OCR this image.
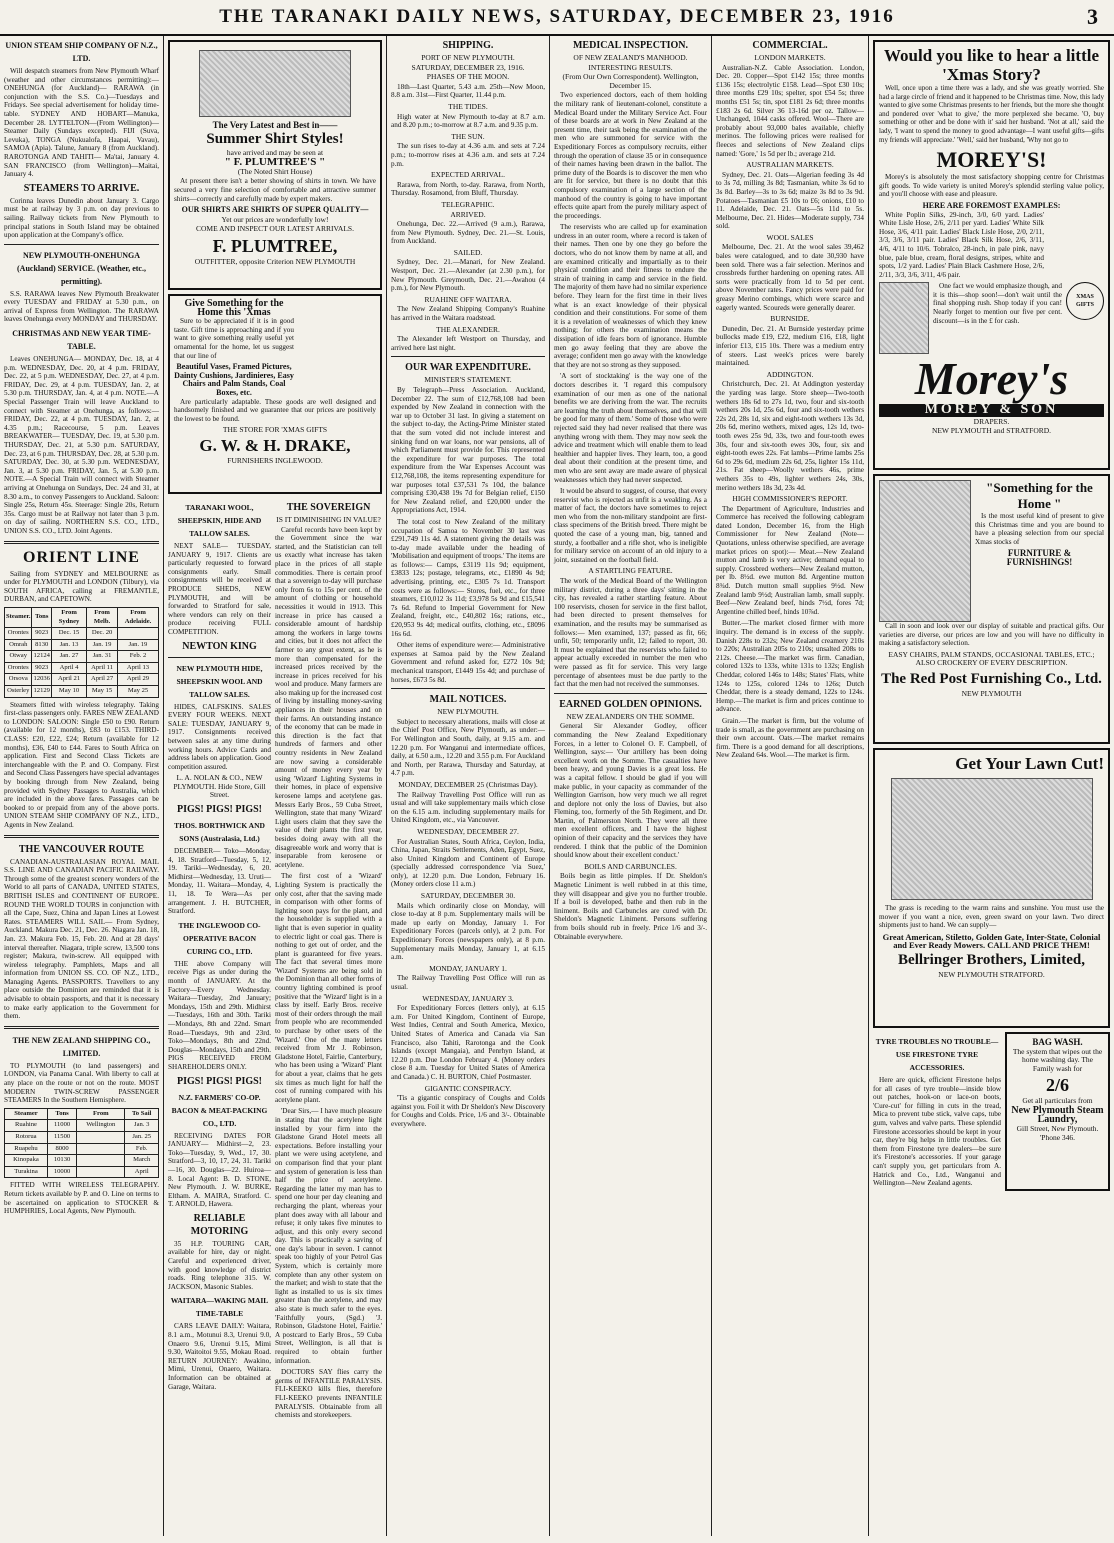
THE TARANAKI DAILY NEWS, SATURDAY, DECEMBER 23, 1916	3
UNION STEAM SHIP COMPANY OF N.Z., LTD.
Will despatch steamers from New Plymouth Wharf (weather and other circumstances permitting):— ONEHUNGA (for Auckland)— RARAWA (in conjunction with the S.S. Co.)—Tuesdays and Fridays. See special advertisement for holiday time-table. SYDNEY AND HOBART—Manuka, December 28. LYTTELTON—(From Wellington)— Steamer Daily (Sundays excepted). FIJI (Suva, Levuka), TONGA (Nukualofa, Haapai, Vavau), SAMOA (Apia). Talune, January 8 (from Auckland). RAROTONGA AND TAHITI— Ma'tai, January 4. SAN FRANCISCO (from Wellington)—Maitai, January 4.
STEAMERS TO ARRIVE.
Corinna leaves Dunedin about January 3. Cargo must be at railway by 3 p.m. on day previous to sailing. Railway tickets from New Plymouth to principal stations in South Island may be obtained upon application at the Company's office.
NEW PLYMOUTH-ONEHUNGA (Auckland) SERVICE. (Weather, etc., permitting).
S.S. RARAWA leaves New Plymouth Breakwater every TUESDAY and FRIDAY at 5.30 p.m., on arrival of Express from Wellington. The RARAWA leaves Onehunga every MONDAY and THURSDAY.
CHRISTMAS AND NEW YEAR TIME-TABLE.
Leaves ONEHUNGA— MONDAY, Dec. 18, at 4 p.m. WEDNESDAY, Dec. 20, at 4 p.m. FRIDAY, Dec. 22, at 5 p.m. WEDNESDAY, Dec. 27, at 4 p.m. FRIDAY, Dec. 29, at 4 p.m. TUESDAY, Jan. 2, at 5.30 p.m. THURSDAY, Jan. 4, at 4 p.m. NOTE.—A Special Passenger Train will leave Auckland to connect with Steamer at Onehunga, as follows:— FRIDAY, Dec. 22, at 4 p.m. TUESDAY, Jan. 2, at 4.35 p.m.; Racecourse, 5 p.m. Leaves BREAKWATER— TUESDAY, Dec. 19, at 5.30 p.m. THURSDAY, Dec. 21, at 5.30 p.m. SATURDAY, Dec. 23, at 6 p.m. THURSDAY, Dec. 28, at 5.30 p.m. SATURDAY, Dec. 30, at 5.30 p.m. WEDNESDAY, Jan. 3, at 5.30 p.m. FRIDAY, Jan. 5, at 5.30 p.m. NOTE.—A Special Train will connect with Steamer arriving at Onehunga on Sundays, Dec. 24 and 31, at 8.30 a.m., to convey Passengers to Auckland. Saloon: Single 25s, Return 45s. Steerage: Single 20s, Return 35s. Cargo must be at Railway not later than 3 p.m. on day of sailing. NORTHERN S.S. CO., LTD., UNION S.S. CO., LTD. Joint Agents.
ORIENT LINE
Sailing from SYDNEY and MELBOURNE as under for PLYMOUTH and LONDON (Tilbury), via SOUTH AFRICA, calling at FREMANTLE, DURBAN, and CAPETOWN.
Steamer.	Tons	From Sydney	From Melb.	From Adelaide.
Orontes	9023	Dec. 15	Dec. 20	
Omrah	8130	Jan. 13	Jan. 19	Jan. 19
Otway	12124	Jan. 27	Jan. 31	Feb. 2
Orontes	9023	April 4	April 11	April 13
Orsova	12036	April 21	April 27	April 29
Osterley	12129	May 10	May 15	May 25
Steamers fitted with wireless telegraphy. Taking first-class passengers only. FARES NEW ZEALAND to LONDON: SALOON: Single £50 to £90. Return (available for 12 months), £83 to £153. THIRD-CLASS: £20, £22, £24; Return (available for 12 months), £36, £40 to £44. Fares to South Africa on application. First and Second Class Tickets are interchangeable with the P. and O. Company. First and Second Class Passengers have special advantages by booking through from New Zealand, being provided with Sydney Passages to Australia, which are included in the above fares. Passages can be booked to or prepaid from any of the above ports. UNION STEAM SHIP COMPANY OF N.Z., LTD., Agents in New Zealand.
THE VANCOUVER ROUTE
CANADIAN-AUSTRALASIAN ROYAL MAIL S.S. LINE AND CANADIAN PACIFIC RAILWAY. Through some of the greatest scenery wonders of the World to all parts of CANADA, UNITED STATES, BRITISH ISLES and CONTINENT OF EUROPE. ROUND THE WORLD TOURS in conjunction with all the Cape, Suez, China and Japan Lines at Lowest Rates. STEAMERS WILL SAIL— From Sydney, Auckland. Makura Dec. 21, Dec. 26. Niagara Jan. 18, Jan. 23. Makura Feb. 15, Feb. 20. And at 28 days' interval thereafter. Niagara, triple screw, 13,500 tons register; Makura, twin-screw. All equipped with wireless telegraphy. Pamphlets, Maps and all information from UNION SS. CO. OF N.Z., LTD., Managing Agents. PASSPORTS. Travellers to any place outside the Dominion are reminded that it is advisable to obtain passports, and that it is necessary to make early application to the Government for them.
THE NEW ZEALAND SHIPPING CO., LIMITED.
TO PLYMOUTH (to land passengers) and LONDON, via Panama Canal. With liberty to call at any place on the route or not on the route. MOST MODERN TWIN-SCREW PASSENGER STEAMERS In the Southern Hemisphere.
Steamer	Tons	From	To Sail
Ruahine	11000	Wellington	Jan. 3
Rotorua	11500		Jan. 25
Ruapehu	8000		Feb.
Kinopaka	10130		March
Turakina	10000		April
FITTED WITH WIRELESS TELEGRAPHY. Return tickets available by P. and O. Line on terms to be ascertained on application to STOCKER & HUMPHRIES, Local Agents, New Plymouth.
The Very Latest and Best in——
Summer Shirt Styles!
have arrived and may be seen at
" F. PLUMTREE'S "
(The Noted Shirt House)
At present there isn't a better showing of shirts in town. We have secured a very fine selection of comfortable and attractive summer shirts—correctly and carefully made by expert makers.
OUR SHIRTS ARE SHIRTS OF SUPER QUALITY—
Yet our prices are wonderfully low!
COME AND INSPECT OUR LATEST ARRIVALS.
F. PLUMTREE,
OUTFITTER, opposite Criterion NEW PLYMOUTH
Give Something for the Home this 'Xmas
Sure to be appreciated if it is in good taste. Gift time is approaching and if you want to give something really useful yet ornamental for the home, let us suggest that our line of
Beautiful Vases, Framed Pictures, Dainty Cushions, Jardinieres, Easy Chairs and Palm Stands, Coal Boxes, etc.
Are particularly adaptable. These goods are well designed and handsomely finished and we guarantee that our prices are positively the lowest to be found.
THE STORE FOR 'XMAS GIFTS
G. W. & H. DRAKE,
FURNISHERS INGLEWOOD.
TARANAKI WOOL, SHEEPSKIN, HIDE AND TALLOW SALES.
NEXT SALE— TUESDAY, JANUARY 9, 1917. Clients are particularly requested to forward consignments early. Small consignments will be received at PRODUCE SHEDS, NEW PLYMOUTH, and will be forwarded to Stratford for sale, where vendors can rely on their produce receiving FULL COMPETITION.
NEWTON KING
NEW PLYMOUTH HIDE, SHEEPSKIN WOOL AND TALLOW SALES.
HIDES, CALFSKINS. SALES EVERY FOUR WEEKS. NEXT SALE: TUESDAY, JANUARY 9, 1917. Consignments received between sales at any time during working hours. Advice Cards and address labels on application. Good competition assured.
L. A. NOLAN & CO., NEW PLYMOUTH. Hide Store, Gill Street.
PIGS! PIGS! PIGS!
THOS. BORTHWICK AND SONS (Australasia, Ltd.)
DECEMBER— Toko—Monday, 4, 18. Stratford—Tuesday, 5, 12, 19. Tariki—Wednesday, 6, 20. Midhirst—Wednesday, 13. Uruti—Monday, 11. Waitara—Monday, 4, 11, 18. Te Wera—As per arrangement. J. H. BUTCHER, Stratford.
THE INGLEWOOD CO-OPERATIVE BACON CURING CO., LTD.
THE above Company will receive Pigs as under during the month of JANUARY. At the Factory—Every Wednesday. Waitara—Tuesday, 2nd January; Mondays, 15th and 29th. Midhirst—Tuesdays, 16th and 30th. Tariki—Mondays, 8th and 22nd. Smart Road—Tuesdays, 9th and 23rd. Toko—Mondays, 8th and 22nd. Douglas—Mondays, 15th and 29th. PIGS RECEIVED FROM SHAREHOLDERS ONLY.
PIGS! PIGS! PIGS!
N.Z. FARMERS' CO-OP. BACON & MEAT-PACKING CO., LTD.
RECEIVING DATES FOR JANUARY— Midhirst—2, 23. Toko—Tuesday, 9, Wed., 17, 30. Stratford—3, 10, 17, 24, 31. Tariki—16, 30. Douglas—22. Huiroa—8. Local Agent: B. D. STONE, New Plymouth. J. W. BURKE, Eltham. A. MAIRA, Stratford. C. T. ARNOLD, Hawera.
RELIABLE MOTORING
35 H.P. TOURING CAR, available for hire, day or night. Careful and experienced driver, with good knowledge of district roads. Ring telephone 315. W. JACKSON, Masonic Stables.
WAITARA—WAKING MAIL TIME-TABLE
CARS LEAVE DAILY: Waitara, 8.1 a.m., Motunui 8.3, Urenui 9.0, Onaero 9.6, Urenui 9.15, Mimi 9.30, Waitoitoi 9.55, Mokau Road. RETURN JOURNEY: Awakino, Mimi, Urenui, Onaero, Waitara. Information can be obtained at Garage, Waitara.
THE SOVEREIGN
IS IT DIMINISHING IN VALUE?
Careful records have been kept by the Government since the war started, and the Statistician can tell us exactly what increase has taken place in the prices of all staple commodities. There is certain proof that a sovereign to-day will purchase only from 6s to 15s per cent. of the amount of clothing or household necessities it would in 1913. This increase in price has caused a considerable amount of hardship among the workers in large towns and cities, but it does not affect the farmer to any great extent, as he is more than compensated for the increased prices received by the increase in prices received for his wool and produce. Many farmers are also making up for the increased cost of living by installing money-saving appliances in their houses and on their farms. An outstanding instance of the economy that can be made in this direction is the fact that hundreds of farmers and other country residents in New Zealand are now saving a considerable amount of money every year by using 'Wizard' Lighting Systems in their homes, in place of expensive kerosene lamps and acetylene gas. Messrs Early Bros., 59 Cuba Street, Wellington, state that many 'Wizard' Light users claim that they save the value of their plants the first year, besides doing away with all the disagreeable work and worry that is inseparable from kerosene or acetylene.
The first cost of a 'Wizard' Lighting System is practically the only cost, after that the saving made in comparison with other forms of lighting soon pays for the plant, and the householder is supplied with a light that is even superior in quality to electric light or coal gas. There is nothing to get out of order, and the plant is guaranteed for five years. The fact that several times more 'Wizard' Systems are being sold in the Dominion than all other forms of country lighting combined is proof positive that the 'Wizard' light is in a class by itself. Early Bros. receive most of their orders through the mail from people who are recommended to purchase by other users of the 'Wizard.' One of the many letters received from Mr J. Robinson, Gladstone Hotel, Fairlie, Canterbury, who has been using a 'Wizard' Plant for about a year, claims that he gets six times as much light for half the cost of running compared with his acetylene plant.
'Dear Sirs,— I have much pleasure in stating that the acetylene light installed by your firm into the Gladstone Grand Hotel meets all expectations. Before installing your plant we were using acetylene, and on comparison find that your plant and system of generation is less than half the price of acetylene. Regarding the latter my man has to spend one hour per day cleaning and recharging the plant, whereas your plant does away with all labour and refuse; it only takes five minutes to adjust, and this only every second day. This is practically a saving of one day's labour in seven. I cannot speak too highly of your Petrol Gas System, which is certainly more complete than any other system on the market; and wish to state that the light as installed to us is six times greater than the acetylene, and may also state is much safer to the eyes. 'Faithfully yours, (Sgd.) 'J. Robinson, Gladstone Hotel, Fairlie.' A postcard to Early Bros., 59 Cuba Street, Wellington, is all that is required to obtain further information.
DOCTORS SAY flies carry the germs of INFANTILE PARALYSIS. FLI-KEEKO kills flies, therefore FLI-KEEKO prevents INFANTILE PARALYSIS. Obtainable from all chemists and storekeepers.
SHIPPING.
PORT OF NEW PLYMOUTH.
SATURDAY, DECEMBER 23, 1916.
PHASES OF THE MOON.
18th—Last Quarter, 5.43 a.m. 25th—New Moon, 8.8 a.m. 31st—First Quarter, 11.44 p.m.
THE TIDES.
High water at New Plymouth to-day at 8.7 a.m. and 8.20 p.m.; to-morrow at 8.7 a.m. and 9.35 p.m.
THE SUN.
The sun rises to-day at 4.36 a.m. and sets at 7.24 p.m.; to-morrow rises at 4.36 a.m. and sets at 7.24 p.m.
EXPECTED ARRIVAL.
Rarawa, from North, to-day. Rarawa, from North, Thursday. Rosamond, from Bluff, Thursday.
TELEGRAPHIC.
ARRIVED.
Onehunga, Dec. 22.—Arrived (9 a.m.), Rarawa, from New Plymouth. Sydney, Dec. 21.—St. Louis, from Auckland.
SAILED.
Sydney, Dec. 21.—Manari, for New Zealand. Westport, Dec. 21.—Alexander (at 2.30 p.m.), for New Plymouth. Greymouth, Dec. 21.—Awahou (4 p.m.), for New Plymouth.
RUAHINE OFF WAITARA.
The New Zealand Shipping Company's Ruahine has arrived in the Waitara roadstead.
THE ALEXANDER.
The Alexander left Westport on Thursday, and arrived here last night.
OUR WAR EXPENDITURE.
MINISTER'S STATEMENT.
By Telegraph—Press Association. Auckland, December 22. The sum of £12,768,108 had been expended by New Zealand in connection with the war up to October 31 last. In giving a statement on the subject to-day, the Acting-Prime Minister stated that the sum voted did not include interest and sinking fund on war loans, nor war pensions, all of which Parliament must provide for. This represented the expenditure for war purposes. The total expenditure from the War Expenses Account was £12,768,108, the items representing expenditure for war purposes total £37,531 7s 10d, the balance comprising £30,438 19s 7d for Belgian relief, £150 for New Zealand relief, and £20,000 under the Appropriations Act, 1914.
The total cost to New Zealand of the military occupation of Samoa to November 30 last was £291,749 11s 4d. A statement giving the details was to-day made available under the heading of 'Mobilisation and equipment of troops.' The items are as follows:— Camps, £3119 11s 9d; equipment, £3833 12s; postage, telegrams, etc., £1890 4s 9d; advertising, printing, etc., £305 7s 1d. Transport costs were as follows:— Stores, fuel, etc., for three steamers, £10,012 3s 11d; £3,978 5s 9d and £15,541 7s 6d. Refund to Imperial Government for New Zealand, freight, etc., £40,802 16s; rations, etc., £20,953 9s 4d; medical outfits, clothing, etc., £8096 16s 6d.
Other items of expenditure were:— Administrative expenses at Samoa paid by the New Zealand Government and refund asked for, £272 10s 9d; mechanical transport, £1449 15s 4d; and purchase of horses, £673 5s 8d.
MAIL NOTICES.
NEW PLYMOUTH.
Subject to necessary alterations, mails will close at the Chief Post Office, New Plymouth, as under:— For Wellington and South, daily, at 9.15 a.m. and 12.20 p.m. For Wanganui and intermediate offices, daily, at 6.50 a.m., 12.20 and 3.55 p.m. For Auckland and North, per Rarawa, Thursday and Saturday, at 4.7 p.m.
MONDAY, DECEMBER 25 (Christmas Day).
The Railway Travelling Post Office will run as usual and will take supplementary mails which close on the 6.15 a.m. including supplementary mails for United Kingdom, etc., via Vancouver.
WEDNESDAY, DECEMBER 27.
For Australian States, South Africa, Ceylon, India, China, Japan, Straits Settlements, Aden, Egypt, Suez, also United Kingdom and Continent of Europe (specially addressed correspondence 'via Suez,' only), at 12.20 p.m. Due London, February 16. (Money orders close 11 a.m.)
SATURDAY, DECEMBER 30.
Mails which ordinarily close on Monday, will close to-day at 8 p.m. Supplementary mails will be made up early on Monday, January 1. For Expeditionary Forces (parcels only), at 2 p.m. For Expeditionary Forces (newspapers only), at 8 p.m. Supplementary mails Monday, January 1, at 6.15 a.m.
MONDAY, JANUARY 1.
The Railway Travelling Post Office will run as usual.
WEDNESDAY, JANUARY 3.
For Expeditionary Forces (letters only), at 6.15 a.m. For United Kingdom, Continent of Europe, West Indies, Central and South America, Mexico, United States of America and Canada via San Francisco, also Tahiti, Rarotonga and the Cook Islands (except Mangaia), and Penrhyn Island, at 12.20 p.m. Due London February 4. (Money orders close 8 a.m. Tuesday for United States of America and Canada.) C. H. BURTON, Chief Postmaster.
GIGANTIC CONSPIRACY.
'Tis a gigantic conspiracy of Coughs and Colds against you. Foil it with Dr Sheldon's New Discovery for Coughs and Colds. Price, 1/6 and 3/-. Obtainable everywhere.
MEDICAL INSPECTION.
OF NEW ZEALAND'S MANHOOD.
INTERESTING RESULTS.
(From Our Own Correspondent). Wellington, December 15.
Two experienced doctors, each of them holding the military rank of lieutenant-colonel, constitute a Medical Board under the Military Service Act. Four of these boards are at work in New Zealand at the present time, their task being the examination of the men who are summoned for service with the Expeditionary Forces as compulsory recruits, either through the operation of clause 35 or in consequence of their names having been drawn in the ballot. The prime duty of the Boards is to discover the men who are fit for service, but there is no doubt that this compulsory examination of a large section of the manhood of the country is going to have important effects quite apart from the purely military aspect of the proceedings.
The reservists who are called up for examination undress in an outer room, where a record is taken of their names. Then one by one they go before the doctors, who do not know them by name at all, and are examined critically and impartially as to their physical condition and their fitness to endure the strain of training in camp and service in the field. The majority of them have had no similar experience before. They learn for the first time in their lives what is an exact knowledge of their physical condition and their constitutions. For some of them it is a revelation of weaknesses of which they knew nothing; for others the examination means the dissipation of idle fears born of ignorance. Humble men go away feeling that they are above the average; confident men go away with the knowledge that they are not so strong as they supposed.
'A sort of stocktaking' is the way one of the doctors describes it. 'I regard this compulsory examination of our men as one of the national benefits we are deriving from the war. The recruits are learning the truth about themselves, and that will be good for many of them.' Some of those who were rejected said they had never realised that there was anything wrong with them. They may now seek the advice and treatment which will enable them to lead healthier and happier lives. They learn, too, a good deal about their condition at the present time, and men who are sent away are made aware of physical weaknesses which they had never suspected.
It would be absurd to suggest, of course, that every reservist who is rejected as unfit is a weakling. As a matter of fact, the doctors have sometimes to reject men who from the non-military standpoint are first-class specimens of the British breed. There might be quoted the case of a young man, big, tanned and sturdy, a footballer and a rifle shot, who is ineligible for military service on account of an old injury to a joint, sustained on the football field.
A STARTLING FEATURE.
The work of the Medical Board of the Wellington military district, during a three days' sitting in the city, has revealed a rather startling feature. About 100 reservists, chosen for service in the first ballot, had been directed to present themselves for examination, and the results may be summarised as follows:— Men examined, 137; passed as fit, 66; unfit, 50; temporarily unfit, 12; failed to report, 30. It must be explained that the reservists who failed to appear actually exceeded in number the men who were passed as fit for service. This very large percentage of absentees must be due partly to the fact that the men had not received the summonses.
EARNED GOLDEN OPINIONS.
NEW ZEALANDERS ON THE SOMME.
General Sir Alexander Godley, officer commanding the New Zealand Expeditionary Forces, in a letter to Colonel O. F. Campbell, of Wellington, says:— 'Our artillery has been doing excellent work on the Somme. The casualties have been heavy, and young Davies is a great loss. He was a capital fellow. I should be glad if you will make public, in your capacity as commander of the Wellington Garrison, how very much we all regret and deplore not only the loss of Davies, but also Fleming, too, formerly of the 5th Regiment, and Dr. Martin, of Palmerston North. They were all three men excellent officers, and I have the highest opinion of their capacity and the services they have rendered. I think that the public of the Dominion should know about their excellent conduct.'
BOILS AND CARBUNCLES.
Boils begin as little pimples. If Dr. Sheldon's Magnetic Liniment is well rubbed in at this time, they will disappear and give you no further trouble. If a boil is developed, bathe and then rub in the liniment. Boils and Carbuncles are cured with Dr. Sheldon's Magnetic Liniment. Persons suffering from boils should rub in freely. Price 1/6 and 3/-. Obtainable everywhere.
COMMERCIAL.
LONDON MARKETS.
Australian-N.Z. Cable Association. London, Dec. 20. Copper—Spot £142 15s; three months £136 15s; electrolytic £158. Lead—Spot £30 10s; three months £29 10s; spelter, spot £54 5s; three months £51 5s; tin, spot £181 2s 6d; three months £183 2s 6d. Silver 36 13-16d per oz. Tallow—Unchanged, 1044 casks offered. Wool—There are probably about 93,000 bales available, chiefly merinos. The following prices were realised for fleeces and selections of New Zealand clips named: 'Gore,' 1s 5d per lb.; average 21d.
AUSTRALIAN MARKETS.
Sydney, Dec. 21. Oats—Algerian feeding 3s 4d to 3s 7d, milling 3s 8d; Tasmanian, white 3s 6d to 3s 8d. Barley—3s to 3s 6d; maize 3s 8d to 3s 9d. Potatoes—Tasmanian £5 10s to £6; onions, £10 to 11. Adelaide, Dec. 21. Oats—5s 11d to 5s. Melbourne, Dec. 21. Hides—Moderate supply, 734 sold.
WOOL SALES
Melbourne, Dec. 21. At the wool sales 39,462 bales were catalogued, and to date 30,930 have been sold. There was a fair selection. Merinos and crossbreds further hardening on opening rates. All sorts were practically from 1d to 5d per cent. above November rates. Fancy prices were paid for greasy Merino combings, which were scarce and eagerly wanted. Scoureds were generally dearer.
BURNSIDE.
Dunedin, Dec. 21. At Burnside yesterday prime bullocks made £19, £22, medium £16, £18, light inferior £13, £15 10s. There was a medium entry of steers. Last week's prices were barely maintained.
ADDINGTON.
Christchurch, Dec. 21. At Addington yesterday the yarding was large. Store sheep—Two-tooth wethers 18s 6d to 27s 1d, two, four and six-tooth wethers 20s 1d, 25s 6d, four and six-tooth wethers 22s 2d, 28s 1d, six and eight-tooth wethers 13s 3d, 20s 6d, merino wethers, mixed ages, 12s 1d, two-tooth ewes 25s 9d, 33s, two and four-tooth ewes 30s, four and six-tooth ewes 30s, four, six and eight-tooth ewes 22s. Fat lambs—Prime lambs 25s 6d to 29s 6d, medium 22s 6d, 25s, lighter 15s 11d, 21s. Fat sheep—Woolly wethers 46s, prime wethers 35s to 49s, lighter wethers 24s, 30s, merino wethers 18s 3d, 23s 4d.
HIGH COMMISSIONER'S REPORT.
The Department of Agriculture, Industries and Commerce has received the following cablegram dated London, December 16, from the High Commissioner for New Zealand (Note—Quotations, unless otherwise specified, are average market prices on spot):— Meat.—New Zealand mutton and lamb is very active; demand equal to supply. Crossbred wethers—New Zealand mutton, per lb. 8½d. ewe mutton 8d. Argentine mutton 8¾d. Dutch mutton small supplies 9½d. New Zealand lamb 9½d; Australian lamb, small supply. Beef—New Zealand beef, hinds 7½d, fores 7d; Argentine chilled beef, hinds 10⅞d.
Butter.—The market closed firmer with more inquiry. The demand is in excess of the supply. Danish 228s to 232s; New Zealand creamery 210s to 220s; Australian 205s to 210s; unsalted 208s to 212s. Cheese.—The market was firm. Canadian, colored 132s to 133s, white 131s to 132s; English Cheddar, colored 146s to 148s; States' Flats, white 124s to 125s, colored 124s to 126s; Dutch Cheddar, there is a steady demand, 122s to 124s. Hemp.—The market is firm and prices continue to advance.
Grain.—The market is firm, but the volume of trade is small, as the government are purchasing on their own account. Oats.—The market remains firm. There is a good demand for all descriptions, New Zealand 64s. Wool.—The market is firm.
Would you like to hear a little 'Xmas Story?
Well, once upon a time there was a lady, and she was greatly worried. She had a large circle of friend and it happened to be Christmas time. Now, this lady wanted to give some Christmas presents to her friends, but the more she thought and pondered over 'what to give,' the more perplexed she became. 'O, buy something or other and be done with it' said her husband. 'Not at all,' said the lady, 'I want to spend the money to good advantage—I want useful gifts—gifts my friends will appreciate.' 'Well,' said her husband, 'Why not go to
MOREY'S!
Morey's is absolutely the most satisfactory shopping centre for Christmas gift goods. To wide variety is united Morey's splendid sterling value policy, and you'll choose with ease and pleasure.
HERE ARE FOREMOST EXAMPLES:
White Poplin Silks, 29-inch, 3/0, 6/0 yard. Ladies' White Lisle Hose, 2/6, 2/11 per yard. Ladies' White Silk Hose, 3/6, 4/11 pair. Ladies' Black Lisle Hose, 2/0, 2/11, 3/3, 3/6, 3/11 pair. Ladies' Black Silk Hose, 2/6, 3/11, 4/6, 4/11 to 10/6. Tobralco, 28-inch, in pale pink, navy blue, pale blue, cream, floral designs, stripes, white and spots, 1/2 yard. Ladies' Plain Black Cashmere Hose, 2/6, 2/11, 3/3, 3/6, 3/11, 4/6 pair.
One fact we would emphasize though, and it is this—shop soon!—don't wait until the final shopping rush. Shop today if you can! Nearly forget to mention our five per cent. discount—is in the £ for cash.
XMAS GIFTS
Morey's
MOREY & SON
DRAPERS.
NEW PLYMOUTH and STRATFORD.
"Something for the Home "
Is the most useful kind of present to give this Christmas time and you are bound to have a pleasing selection from our special Xmas stocks of
FURNITURE & FURNISHINGS!
Call in soon and look over our display of suitable and practical gifts. Our varieties are diverse, our prices are low and you will have no difficulty in making a satisfactory selection.
EASY CHAIRS, PALM STANDS, OCCASIONAL TABLES, ETC.; ALSO CROCKERY OF EVERY DESCRIPTION.
The Red Post Furnishing Co., Ltd.
NEW PLYMOUTH
Get Your Lawn Cut!
The grass is receding to the warm rains and sunshine. You must use the mower if you want a nice, even, green sward on your lawn. Two direct shipments just to hand. We can supply—
Great American, Stiletto, Golden Gate, Inter-State, Colonial and Ever Ready Mowers. CALL AND PRICE THEM!
Bellringer Brothers, Limited,
NEW PLYMOUTH STRATFORD.
TYRE TROUBLES NO TROUBLE—USE FIRESTONE TYRE ACCESSORIES.
Here are quick, efficient Firestone helps for all cases of tyre trouble—inside blow out patches, hook-on or lace-on boots, 'Cure-cut' for filling in cuts in the tread, Mica to prevent tube stick, valve caps, tube gum, valves and valve parts. These splendid Firestone accessories should be kept in your car, they're big helps in little troubles. Get them from Firestone tyre dealers—be sure it's Firestone's accessories. If your garage can't supply you, get particulars from A. Hatrick and Co., Ltd., Wanganui and Wellington—New Zealand agents.
BAG WASH.
The system that wipes out the home washing day. The Family wash for
2/6
Get all particulars from
New Plymouth Steam Laundry,
Gill Street, New Plymouth. 'Phone 346.
